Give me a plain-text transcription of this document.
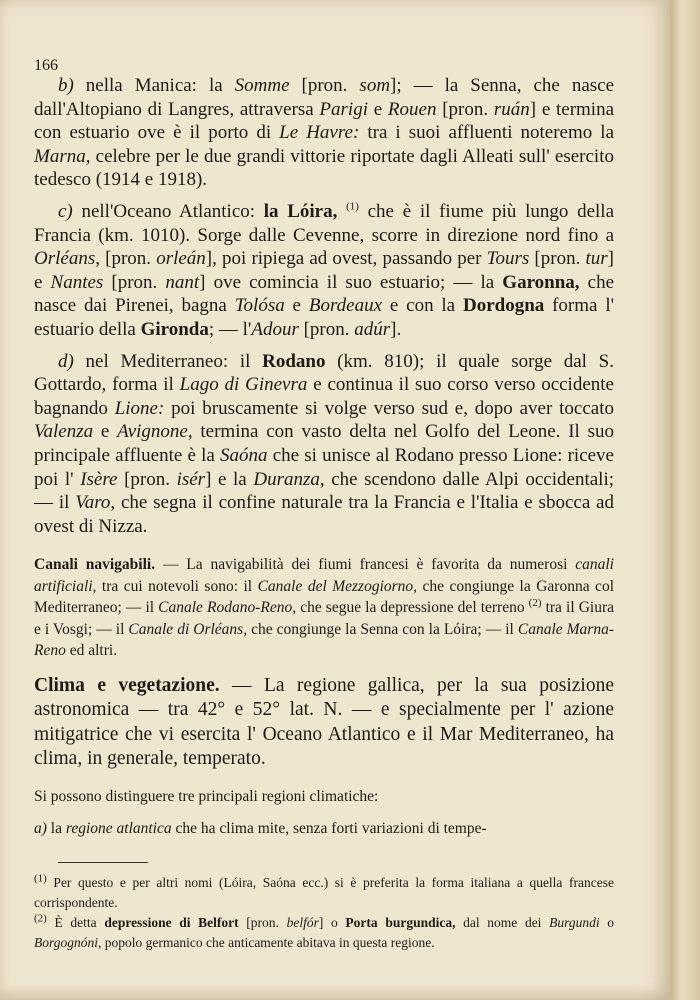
166

b) nella Manica: la Somme [pron. som]; — la Senna, che nasce dall'Altopiano di Langres, attraversa Parigi e Rouen [pron. ruán] e termina con estuario ove è il porto di Le Havre: tra i suoi affluenti noteremo la Marna, celebre per le due grandi vittorie riportate dagli Alleati sull' esercito tedesco (1914 e 1918).

c) nell'Oceano Atlantico: la Lóira, $^{(1)}$ che è il fiume più lungo della Francia (km. 1010). Sorge dalle Cevenne, scorre in direzione nord fino a Orléans, [pron. orleán], poi ripiega ad ovest, passando per Tours [pron. tur] e Nantes [pron. nant] ove comincia il suo estuario; — la Garonna, che nasce dai Pirenei, bagna Tolósa e Bordeaux e con la Dordogna forma l' estuario della Gironda; — l'Adour [pron. adúr].

d) nel Mediterraneo: il Rodano (km. 810); il quale sorge dal S. Gottardo, forma il Lago di Ginevra e continua il suo corso verso occidente bagnando Lione: poi bruscamente si volge verso sud e, dopo aver toccato Valenza e Avignone, termina con vasto delta nel Golfo del Leone. Il suo principale affluente è la Saóna che si unisce al Rodano presso Lione: riceve poi l' Isère [pron. isér] e la Duranza, che scendono dalle Alpi occidentali; — il Varo, che segna il confine naturale tra la Francia e l'Italia e sbocca ad ovest di Nizza.

Canali navigabili. — La navigabilità dei fiumi francesi è favorita da numerosi canali artificiali, tra cui notevoli sono: il Canale del Mezzogiorno, che congiunge la Garonna col Mediterraneo; — il Canale Rodano-Reno, che segue la depressione del terreno $^{(2)}$ tra il Giura e i Vosgi; — il Canale di Orléans, che congiunge la Senna con la Lóira; — il Canale Marna-Reno ed altri.

Clima e vegetazione. — La regione gallica, per la sua posizione astronomica — tra 42° e 52° lat. N. — e specialmente per l' azione mitigatrice che vi esercita l' Oceano Atlantico e il Mar Mediterraneo, ha clima, in generale, temperato.

Si possono distinguere tre principali regioni climatiche:

a) la regione atlantica che ha clima mite, senza forti variazioni di tempe-

$^{(1)}$ Per questo e per altri nomi (Lóira, Saóna ecc.) si è preferita la forma italiana a quella francese corrispondente.

$^{(2)}$ È detta depressione di Belfort [pron. belfór] o Porta burgundica, dal nome dei Burgundi o Borgognóni, popolo germanico che anticamente abitava in questa regione.
